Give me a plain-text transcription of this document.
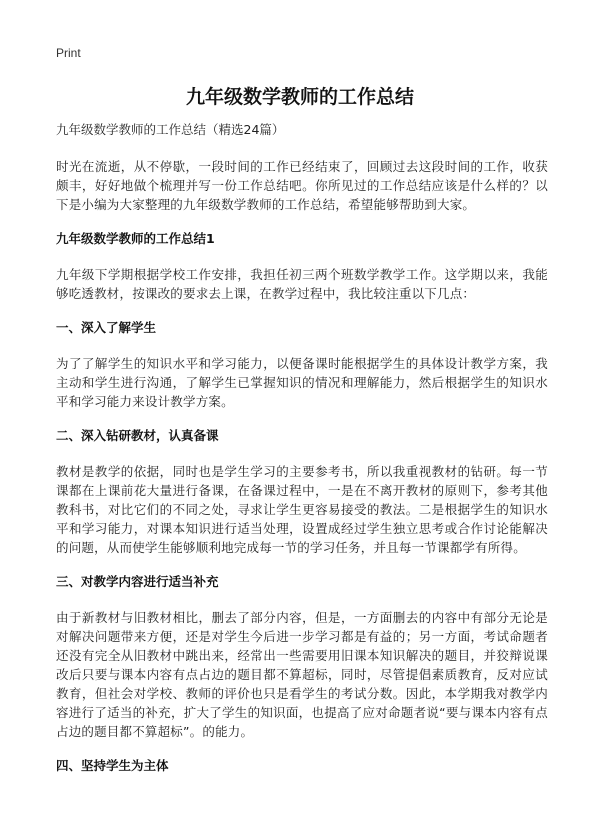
Print
九年级数学教师的工作总结

九年级数学教师的工作总结（精选24篇）

时光在流逝，从不停歇，一段时间的工作已经结束了，回顾过去这段时间的工作，收获颇丰，好好地做个梳理并写一份工作总结吧。你所见过的工作总结应该是什么样的？以下是小编为大家整理的九年级数学教师的工作总结，希望能够帮助到大家。

九年级数学教师的工作总结1

九年级下学期根据学校工作安排，我担任初三两个班数学教学工作。这学期以来，我能够吃透教材，按课改的要求去上课，在教学过程中，我比较注重以下几点：

一、深入了解学生

为了了解学生的知识水平和学习能力，以便备课时能根据学生的具体设计教学方案，我主动和学生进行沟通，了解学生已掌握知识的情况和理解能力，然后根据学生的知识水平和学习能力来设计教学方案。

二、深入钻研教材，认真备课

教材是教学的依据，同时也是学生学习的主要参考书，所以我重视教材的钻研。每一节课都在上课前花大量进行备课，在备课过程中，一是在不离开教材的原则下，参考其他教科书，对比它们的不同之处，寻求让学生更容易接受的教法。二是根据学生的知识水平和学习能力，对课本知识进行适当处理，设置成经过学生独立思考或合作讨论能解决的问题，从而使学生能够顺利地完成每一节的学习任务，并且每一节课都学有所得。

三、对教学内容进行适当补充

由于新教材与旧教材相比，删去了部分内容，但是，一方面删去的内容中有部分无论是对解决问题带来方便，还是对学生今后进一步学习都是有益的；另一方面，考试命题者还没有完全从旧教材中跳出来，经常出一些需要用旧课本知识解决的题目，并狡辩说课改后只要与课本内容有点占边的题目都不算超标，同时，尽管提倡素质教育，反对应试教育，但社会对学校、教师的评价也只是看学生的考试分数。因此，本学期我对教学内容进行了适当的补充，扩大了学生的知识面，也提高了应对命题者说“要与课本内容有点占边的题目都不算超标”。的能力。

四、坚持学生为主体
